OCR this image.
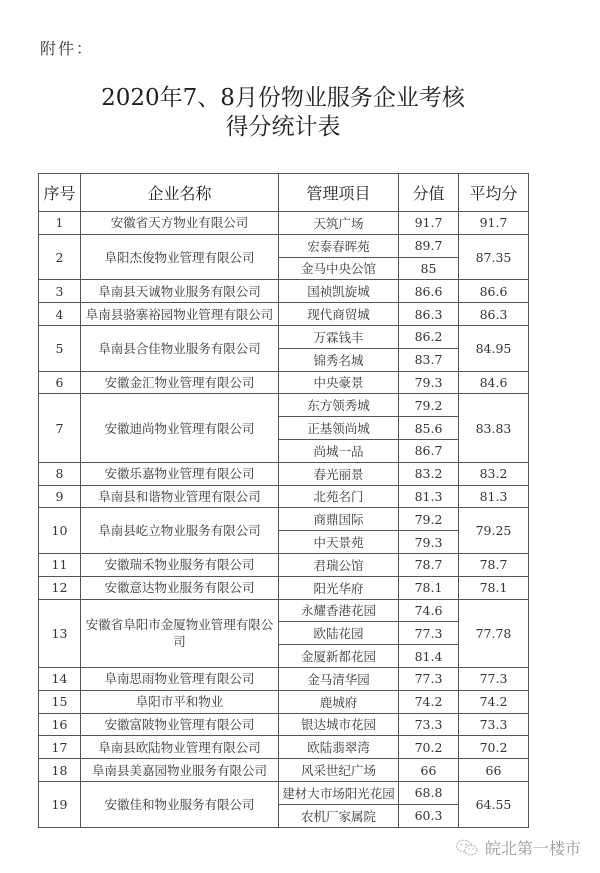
附件：
2020年7、8月份物业服务企业考核
得分统计表
序号	企业名称	管理项目	分值	平均分
1	安徽省天方物业有限公司	天筑广场	91.7	91.7
2	阜阳杰俊物业管理有限公司	宏泰春晖苑	89.7	87.35
		金马中央公馆	85	
3	阜南县天诚物业服务有限公司	国祯凯旋城	86.6	86.6
4	阜南县骆寨裕园物业管理有限公司	现代商贸城	86.3	86.3
5	阜南县合佳物业服务有限公司	万霖钱丰	86.2	84.95
		锦秀名城	83.7	
6	安徽金汇物业管理有限公司	中央豪景	79.3	84.6
7	安徽迪尚物业管理有限公司	东方领秀城	79.2	83.83
		正基领尚城	85.6	
		尚城一品	86.7	
8	安徽乐嘉物业管理有限公司	春光丽景	83.2	83.2
9	阜南县和谐物业管理有限公司	北苑名门	81.3	81.3
10	阜南县屹立物业服务有限公司	商鼎国际	79.2	79.25
		中天景苑	79.3	
11	安徽瑞禾物业服务有限公司	君瑞公馆	78.7	78.7
12	安徽意达物业服务有限公司	阳光华府	78.1	78.1
13	安徽省阜阳市金厦物业管理有限公司	永耀香港花园	74.6	77.78
		欧陆花园	77.3	
		金厦新都花园	81.4	
14	阜南思雨物业管理有限公司	金马清华园	77.3	77.3
15	阜阳市平和物业	鹿城府	74.2	74.2
16	安徽富陂物业管理有限公司	银达城市花园	73.3	73.3
17	阜南县欧陆物业管理有限公司	欧陆翡翠湾	70.2	70.2
18	阜南县美嘉园物业服务有限公司	风采世纪广场	66	66
19	安徽佳和物业服务有限公司	建材大市场阳光花园	68.8	64.55
		农机厂家属院	60.3	
皖北第一楼市
